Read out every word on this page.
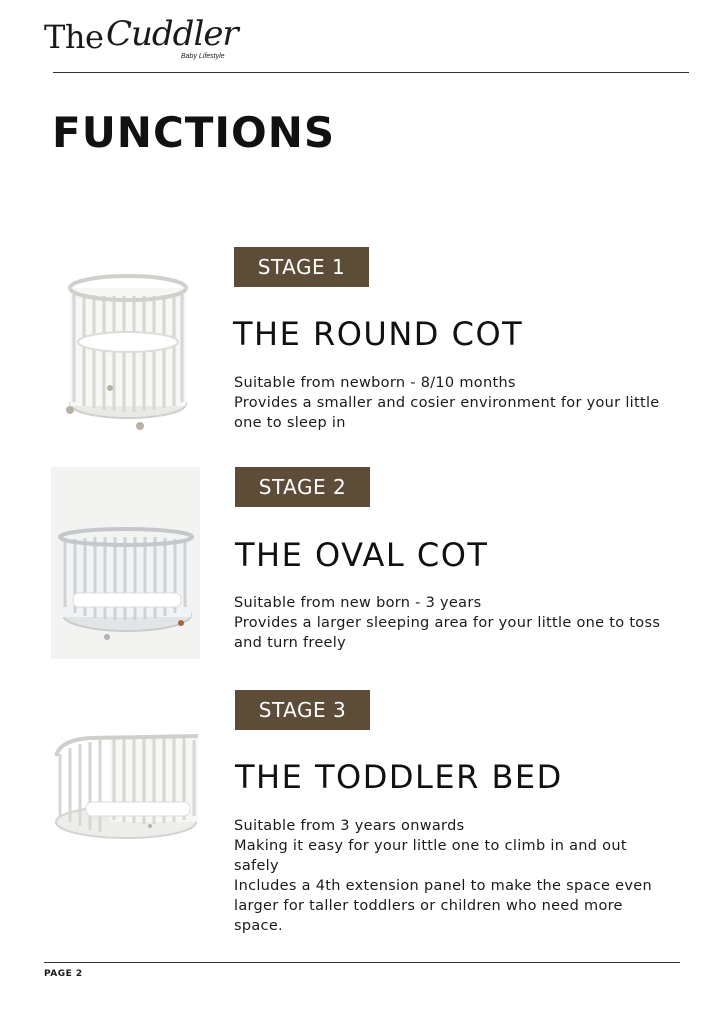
The Cuddler
Baby Lifestyle
FUNCTIONS
STAGE 1
THE ROUND COT
Suitable from newborn - 8/10 months
Provides a smaller and cosier environment for your little
one to sleep in
STAGE 2
THE OVAL COT
Suitable from new born - 3 years
Provides a larger sleeping area for your little one to toss
and turn freely
STAGE 3
THE TODDLER BED
Suitable from 3 years onwards
Making it easy for your little one to climb in and out
safely
Includes a 4th extension panel to make the space even
larger for taller toddlers or children who need more
space.
PAGE 2
